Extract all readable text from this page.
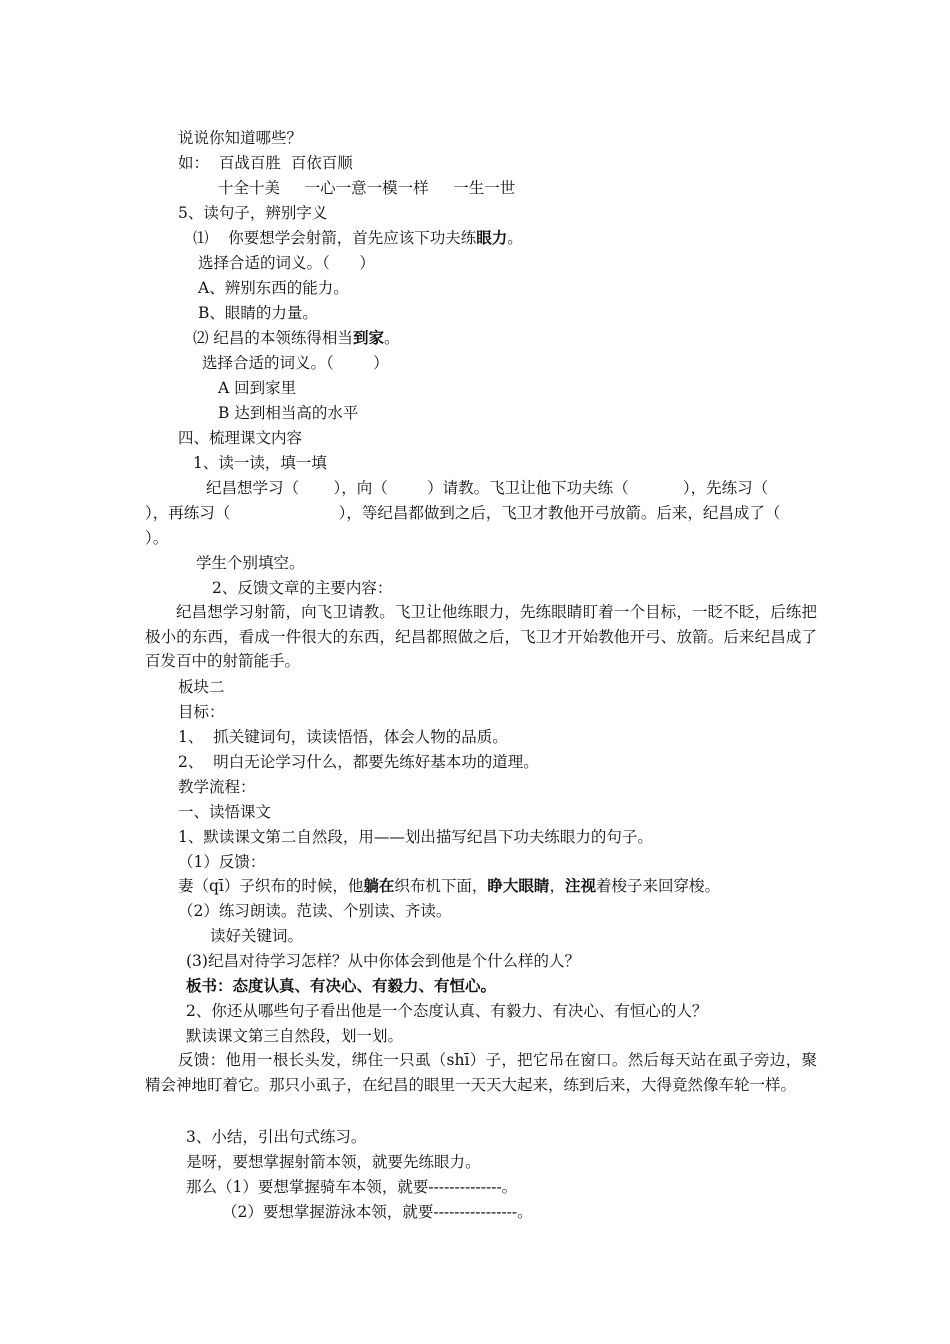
说说你知道哪些？
如：  百战百胜  百依百顺
十全十美     一心一意一模一样     一生一世
5、读句子，辨别字义
⑴    你要想学会射箭，首先应该下功夫练眼力。
选择合适的词义。（      ）
A、辨别东西的能力。
B、眼睛的力量。
⑵ 纪昌的本领练得相当到家。
选择合适的词义。（        ）
A 回到家里
B 达到相当高的水平
四、梳理课文内容
1、读一读，填一填
纪昌想学习（       ），向（        ）请教。飞卫让他下功夫练（           ），先练习（
），再练习（                      ），等纪昌都做到之后，飞卫才教他开弓放箭。后来，纪昌成了（
）。
学生个别填空。
2、反馈文章的主要内容：
纪昌想学习射箭，向飞卫请教。飞卫让他练眼力，先练眼睛盯着一个目标，一眨不眨，后练把极小的东西，看成一件很大的东西，纪昌都照做之后，飞卫才开始教他开弓、放箭。后来纪昌成了百发百中的射箭能手。
板块二
目标：
1、  抓关键词句，读读悟悟，体会人物的品质。
2、  明白无论学习什么，都要先练好基本功的道理。
教学流程：
一、读悟课文
1、默读课文第二自然段，用——划出描写纪昌下功夫练眼力的句子。
（1）反馈：
妻（qī）子织布的时候，他躺在织布机下面，睁大眼睛，注视着梭子来回穿梭。
（2）练习朗读。范读、个别读、齐读。
读好关键词。
(3)纪昌对待学习怎样？从中你体会到他是个什么样的人？
板书：态度认真、有决心、有毅力、有恒心。
2、你还从哪些句子看出他是一个态度认真、有毅力、有决心、有恒心的人？
默读课文第三自然段，划一划。
反馈：他用一根长头发，绑住一只虱（shī）子，把它吊在窗口。然后每天站在虱子旁边，聚精会神地盯着它。那只小虱子，在纪昌的眼里一天天大起来，练到后来，大得竟然像车轮一样。
3、小结，引出句式练习。
是呀，要想掌握射箭本领，就要先练眼力。
那么（1）要想掌握骑车本领，就要--------------。
（2）要想掌握游泳本领，就要----------------。
